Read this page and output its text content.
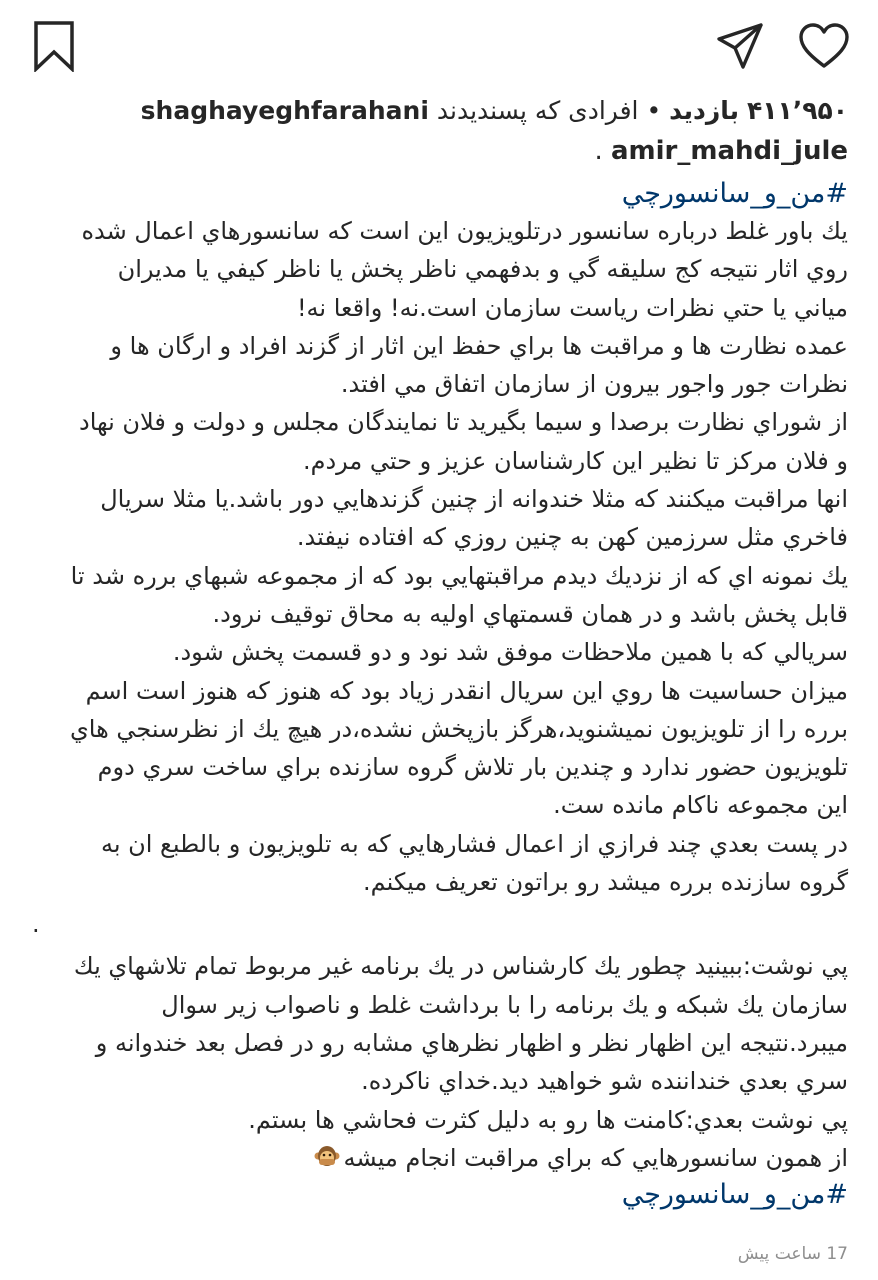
۴۱۱٬۹۵۰ بازدید • افرادی که پسندیدند shaghayeghfarahani
amir_mahdi_jule .
#من_و_سانسورچي
يك باور غلط درباره سانسور درتلويزيون اين است كه سانسورهاي اعمال شده
روي اثار نتيجه كج سليقه گي و بدفهمي ناظر پخش يا ناظر كيفي يا مديران
مياني يا حتي نظرات رياست سازمان است.نه! واقعا نه!
عمده نظارت ها و مراقبت ها براي حفظ اين اثار از گزند افراد و ارگان ها و
نظرات جور واجور بيرون از سازمان اتفاق مي افتد.
از شوراي نظارت برصدا و سيما بگيريد تا نمايندگان مجلس و دولت و فلان نهاد
و فلان مركز تا نظير اين كارشناسان عزيز و حتي مردم.
انها مراقبت ميكنند كه مثلا خندوانه از چنين گزندهايي دور باشد.يا مثلا سريال
فاخري مثل سرزمين كهن به چنين روزي كه افتاده نيفتد.
يك نمونه اي كه از نزديك ديدم مراقبتهايي بود كه از مجموعه شبهاي برره شد تا
قابل پخش باشد و در همان قسمتهاي اوليه به محاق توقيف نرود.
سريالي كه با همين ملاحظات موفق شد نود و دو قسمت پخش شود.
ميزان حساسيت ها روي اين سريال انقدر زياد بود كه هنوز كه هنوز است اسم
برره را از تلويزيون نميشنويد،هرگز بازپخش نشده،در هيچ يك از نظرسنجي هاي
تلويزيون حضور ندارد و چندين بار تلاش گروه سازنده براي ساخت سري دوم
اين مجموعه ناكام مانده ست.
در پست بعدي چند فرازي از اعمال فشارهايي كه به تلويزيون و بالطبع ان به
گروه سازنده برره ميشد رو براتون تعريف ميكنم.
.
پي نوشت:ببينيد چطور يك كارشناس در يك برنامه غير مربوط تمام تلاشهاي يك
سازمان يك شبكه و يك برنامه را با برداشت غلط و ناصواب زير سوال
ميبرد.نتيجه اين اظهار نظر و اظهار نظرهاي مشابه رو در فصل بعد خندوانه و
سري بعدي خنداننده شو خواهيد ديد.خداي ناكرده.
پي نوشت بعدي:كامنت ها رو به دليل كثرت فحاشي ها بستم.
از همون سانسورهايي كه براي مراقبت انجام ميشه
#من_و_سانسورچي
17 ساعت پیش
